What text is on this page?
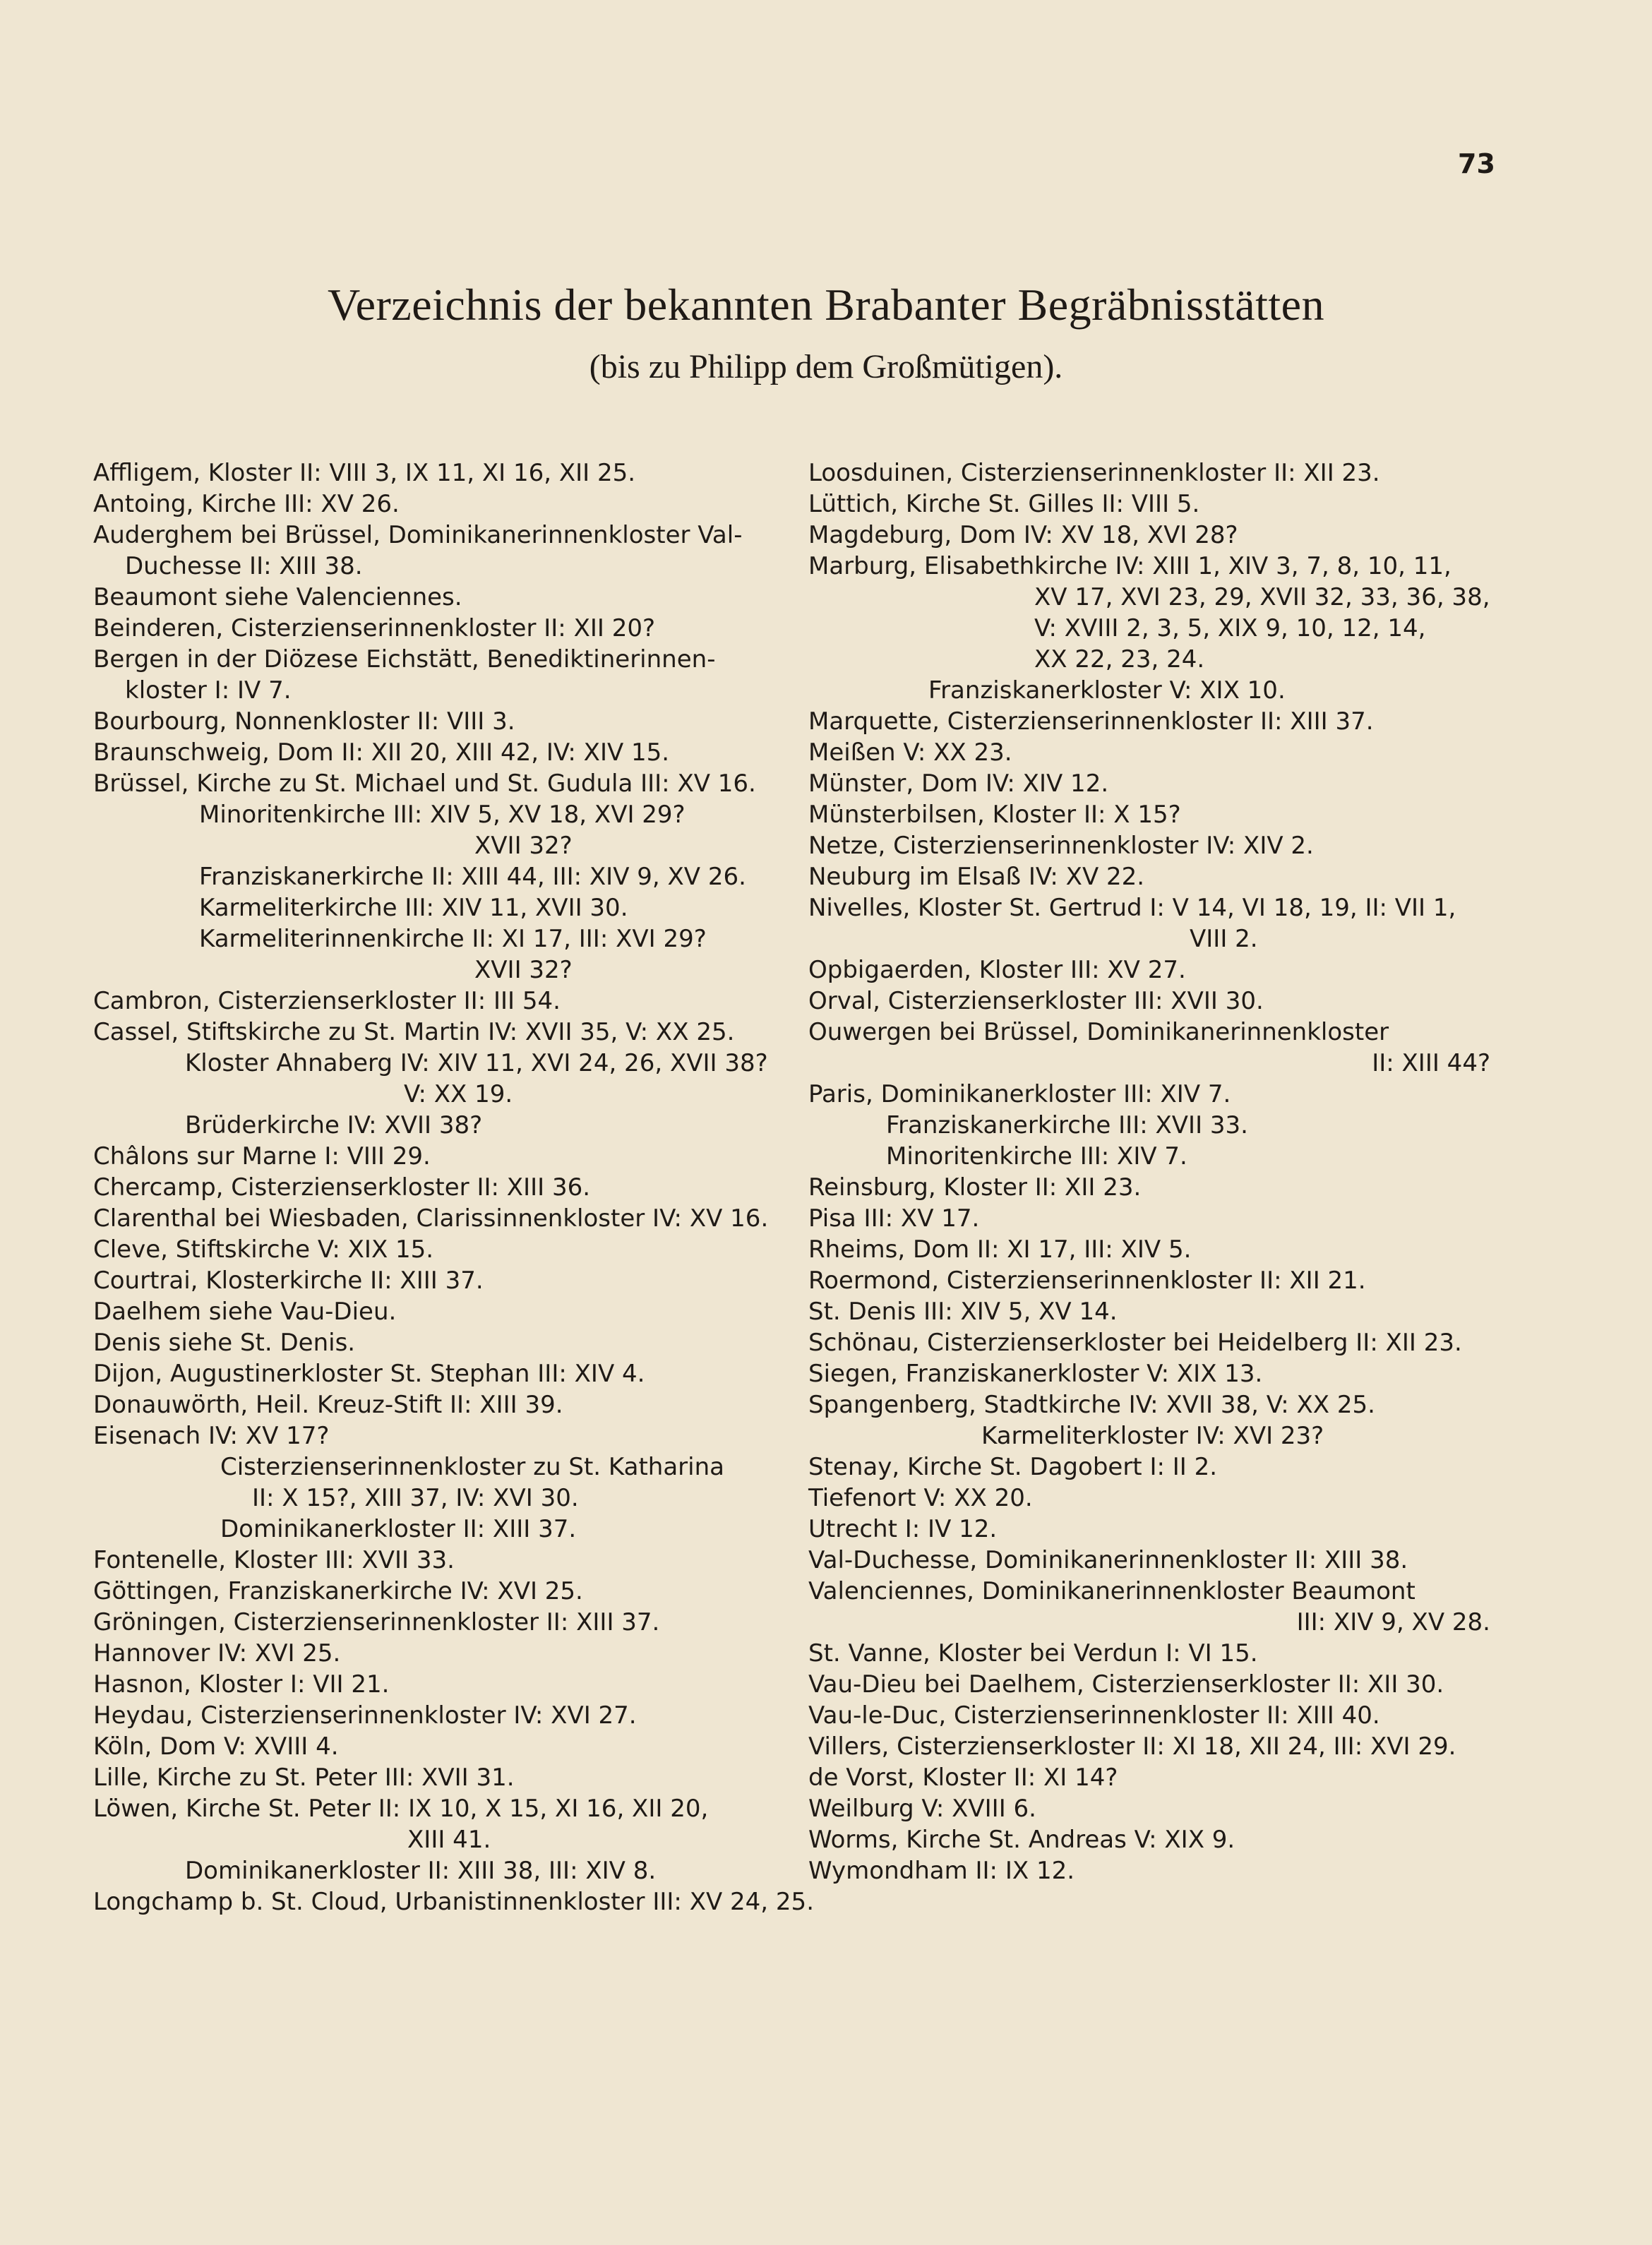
73
Verzeichnis der bekannten Brabanter Begräbnisstätten
(bis zu Philipp dem Großmütigen).

Affligem, Kloster II: VIII 3, IX 11, XI 16, XII 25.

Antoing, Kirche III: XV 26.

Auderghem bei Brüssel, Dominikanerinnenkloster Val-

Duchesse II: XIII 38.

Beaumont siehe Valenciennes.

Beinderen, Cisterzienserinnenkloster II: XII 20?

Bergen in der Diözese Eichstätt, Benediktinerinnen-

kloster I: IV 7.

Bourbourg, Nonnenkloster II: VIII 3.

Braunschweig, Dom II: XII 20, XIII 42, IV: XIV 15.

Brüssel, Kirche zu St. Michael und St. Gudula III: XV 16.

Minoritenkirche III: XIV 5, XV 18, XVI 29?

XVII 32?

Franziskanerkirche II: XIII 44, III: XIV 9, XV 26.

Karmeliterkirche III: XIV 11, XVII 30.

Karmeliterinnenkirche II: XI 17, III: XVI 29?

XVII 32?

Cambron, Cisterzienserkloster II: III 54.

Cassel, Stiftskirche zu St. Martin IV: XVII 35, V: XX 25.

Kloster Ahnaberg IV: XIV 11, XVI 24, 26, XVII 38?

V: XX 19.

Brüderkirche IV: XVII 38?

Châlons sur Marne I: VIII 29.

Chercamp, Cisterzienserkloster II: XIII 36.

Clarenthal bei Wiesbaden, Clarissinnenkloster IV: XV 16.

Cleve, Stiftskirche V: XIX 15.

Courtrai, Klosterkirche II: XIII 37.

Daelhem siehe Vau-Dieu.

Denis siehe St. Denis.

Dijon, Augustinerkloster St. Stephan III: XIV 4.

Donauwörth, Heil. Kreuz-Stift II: XIII 39.

Eisenach IV: XV 17?

Cisterzienserinnenkloster zu St. Katharina

II: X 15?, XIII 37, IV: XVI 30.

Dominikanerkloster II: XIII 37.

Fontenelle, Kloster III: XVII 33.

Göttingen, Franziskanerkirche IV: XVI 25.

Gröningen, Cisterzienserinnenkloster II: XIII 37.

Hannover IV: XVI 25.

Hasnon, Kloster I: VII 21.

Heydau, Cisterzienserinnenkloster IV: XVI 27.

Köln, Dom V: XVIII 4.

Lille, Kirche zu St. Peter III: XVII 31.

Löwen, Kirche St. Peter II: IX 10, X 15, XI 16, XII 20,

XIII 41.

Dominikanerkloster II: XIII 38, III: XIV 8.

Longchamp b. St. Cloud, Urbanistinnenkloster III: XV 24, 25.

Loosduinen, Cisterzienserinnenkloster II: XII 23.

Lüttich, Kirche St. Gilles II: VIII 5.

Magdeburg, Dom IV: XV 18, XVI 28?

Marburg, Elisabethkirche IV: XIII 1, XIV 3, 7, 8, 10, 11,

XV 17, XVI 23, 29, XVII 32, 33, 36, 38,

V: XVIII 2, 3, 5, XIX 9, 10, 12, 14,

XX 22, 23, 24.

Franziskanerkloster V: XIX 10.

Marquette, Cisterzienserinnenkloster II: XIII 37.

Meißen V: XX 23.

Münster, Dom IV: XIV 12.

Münsterbilsen, Kloster II: X 15?

Netze, Cisterzienserinnenkloster IV: XIV 2.

Neuburg im Elsaß IV: XV 22.

Nivelles, Kloster St. Gertrud I: V 14, VI 18, 19, II: VII 1,

VIII 2.

Opbigaerden, Kloster III: XV 27.

Orval, Cisterzienserkloster III: XVII 30.

Ouwergen bei Brüssel, Dominikanerinnenkloster

II: XIII 44?

Paris, Dominikanerkloster III: XIV 7.

Franziskanerkirche III: XVII 33.

Minoritenkirche III: XIV 7.

Reinsburg, Kloster II: XII 23.

Pisa III: XV 17.

Rheims, Dom II: XI 17, III: XIV 5.

Roermond, Cisterzienserinnenkloster II: XII 21.

St. Denis III: XIV 5, XV 14.

Schönau, Cisterzienserkloster bei Heidelberg II: XII 23.

Siegen, Franziskanerkloster V: XIX 13.

Spangenberg, Stadtkirche IV: XVII 38, V: XX 25.

Karmeliterkloster IV: XVI 23?

Stenay, Kirche St. Dagobert I: II 2.

Tiefenort V: XX 20.

Utrecht I: IV 12.

Val-Duchesse, Dominikanerinnenkloster II: XIII 38.

Valenciennes, Dominikanerinnenkloster Beaumont

III: XIV 9, XV 28.

St. Vanne, Kloster bei Verdun I: VI 15.

Vau-Dieu bei Daelhem, Cisterzienserkloster II: XII 30.

Vau-le-Duc, Cisterzienserinnenkloster II: XIII 40.

Villers, Cisterzienserkloster II: XI 18, XII 24, III: XVI 29.

de Vorst, Kloster II: XI 14?

Weilburg V: XVIII 6.

Worms, Kirche St. Andreas V: XIX 9.

Wymondham II: IX 12.
